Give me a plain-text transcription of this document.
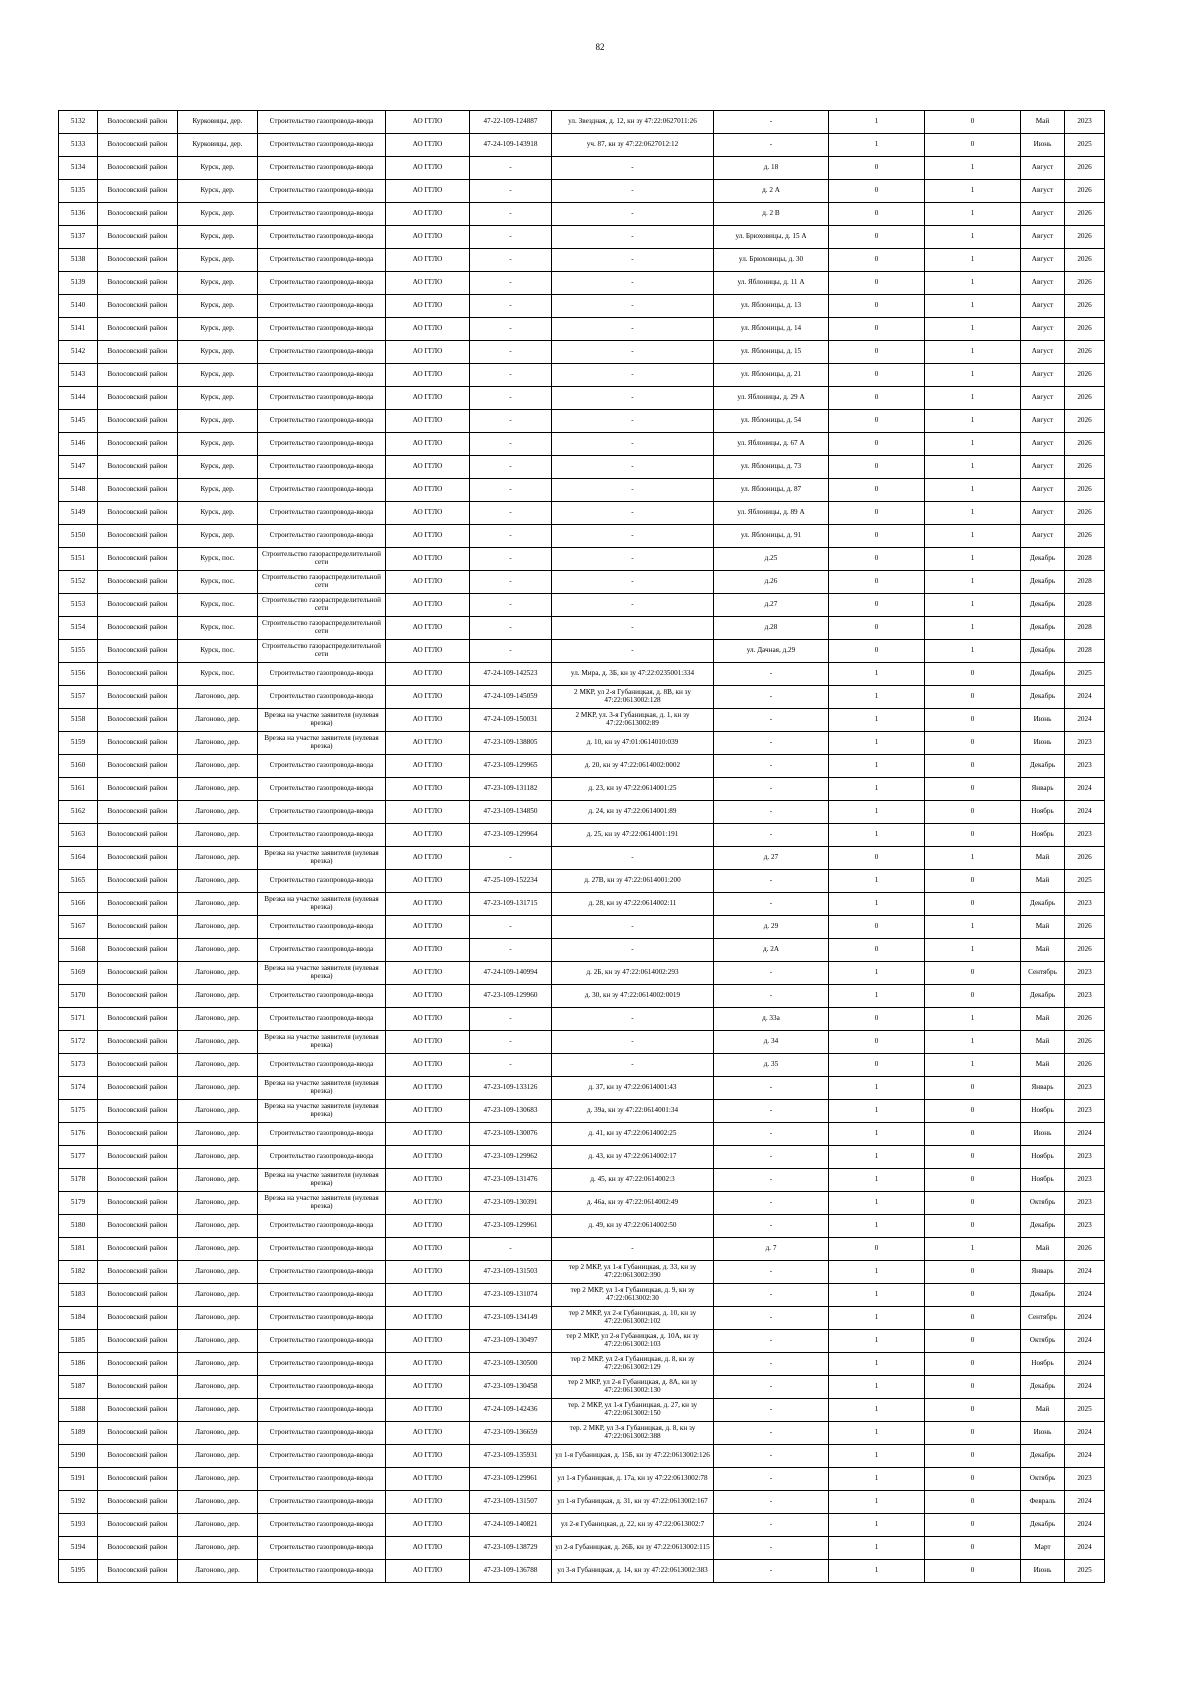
82
5132	Волосовский район	Курковицы, дер.	Строительство газопровода-ввода	АО ГГЛО	47-22-109-124887	ул. Звездная, д. 12, кн зу 47:22:0627011:26	-	1	0	Май	2023
5133	Волосовский район	Курковицы, дер.	Строительство газопровода-ввода	АО ГГЛО	47-24-109-143918	уч. 87, кн зу 47:22:0627012:12	-	1	0	Июнь	2025
5134	Волосовский район	Курск, дер.	Строительство газопровода-ввода	АО ГГЛО	-	-	д. 18	0	1	Август	2026
5135	Волосовский район	Курск, дер.	Строительство газопровода-ввода	АО ГГЛО	-	-	д. 2 А	0	1	Август	2026
5136	Волосовский район	Курск, дер.	Строительство газопровода-ввода	АО ГГЛО	-	-	д. 2 В	0	1	Август	2026
5137	Волосовский район	Курск, дер.	Строительство газопровода-ввода	АО ГГЛО	-	-	ул. Брюховицы, д. 15 А	0	1	Август	2026
5138	Волосовский район	Курск, дер.	Строительство газопровода-ввода	АО ГГЛО	-	-	ул. Брюховицы, д. 30	0	1	Август	2026
5139	Волосовский район	Курск, дер.	Строительство газопровода-ввода	АО ГГЛО	-	-	ул. Яблоницы, д. 11 А	0	1	Август	2026
5140	Волосовский район	Курск, дер.	Строительство газопровода-ввода	АО ГГЛО	-	-	ул. Яблоницы, д. 13	0	1	Август	2026
5141	Волосовский район	Курск, дер.	Строительство газопровода-ввода	АО ГГЛО	-	-	ул. Яблоницы, д. 14	0	1	Август	2026
5142	Волосовский район	Курск, дер.	Строительство газопровода-ввода	АО ГГЛО	-	-	ул. Яблоницы, д. 15	0	1	Август	2026
5143	Волосовский район	Курск, дер.	Строительство газопровода-ввода	АО ГГЛО	-	-	ул. Яблоницы, д. 21	0	1	Август	2026
5144	Волосовский район	Курск, дер.	Строительство газопровода-ввода	АО ГГЛО	-	-	ул. Яблоницы, д. 29 А	0	1	Август	2026
5145	Волосовский район	Курск, дер.	Строительство газопровода-ввода	АО ГГЛО	-	-	ул. Яблоницы, д. 54	0	1	Август	2026
5146	Волосовский район	Курск, дер.	Строительство газопровода-ввода	АО ГГЛО	-	-	ул. Яблоницы, д. 67 А	0	1	Август	2026
5147	Волосовский район	Курск, дер.	Строительство газопровода-ввода	АО ГГЛО	-	-	ул. Яблоницы, д. 73	0	1	Август	2026
5148	Волосовский район	Курск, дер.	Строительство газопровода-ввода	АО ГГЛО	-	-	ул. Яблоницы, д. 87	0	1	Август	2026
5149	Волосовский район	Курск, дер.	Строительство газопровода-ввода	АО ГГЛО	-	-	ул. Яблоницы, д. 89 А	0	1	Август	2026
5150	Волосовский район	Курск, дер.	Строительство газопровода-ввода	АО ГГЛО	-	-	ул. Яблоницы, д. 91	0	1	Август	2026
5151	Волосовский район	Курск, пос.	Строительство газораспределительной сети	АО ГГЛО	-	-	д.25	0	1	Декабрь	2028
5152	Волосовский район	Курск, пос.	Строительство газораспределительной сети	АО ГГЛО	-	-	д.26	0	1	Декабрь	2028
5153	Волосовский район	Курск, пос.	Строительство газораспределительной сети	АО ГГЛО	-	-	д.27	0	1	Декабрь	2028
5154	Волосовский район	Курск, пос.	Строительство газораспределительной сети	АО ГГЛО	-	-	д.28	0	1	Декабрь	2028
5155	Волосовский район	Курск, пос.	Строительство газораспределительной сети	АО ГГЛО	-	-	ул. Дачная, д.29	0	1	Декабрь	2028
5156	Волосовский район	Курск, пос.	Строительство газопровода-ввода	АО ГГЛО	47-24-109-142523	ул. Мира, д. 3Б, кн зу 47:22:0235001:334	-	1	0	Декабрь	2025
5157	Волосовский район	Лагоново, дер.	Строительство газопровода-ввода	АО ГГЛО	47-24-109-145059	2 МКР, ул 2-я Губаницкая, д. 8В, кн зу 47:22:0613002:128	-	1	0	Декабрь	2024
5158	Волосовский район	Лагоново, дер.	Врезка на участке заявителя (нулевая врезка)	АО ГГЛО	47-24-109-150031	2 МКР, ул. 3-я Губаницкая, д. 1, кн зу 47:22:0613002:89	-	1	0	Июнь	2024
5159	Волосовский район	Лагоново, дер.	Врезка на участке заявителя (нулевая врезка)	АО ГГЛО	47-23-109-138805	д. 10, кн зу 47:01:0614010:039	-	1	0	Июнь	2023
5160	Волосовский район	Лагоново, дер.	Строительство газопровода-ввода	АО ГГЛО	47-23-109-129965	д. 20, кн зу 47:22:0614002:0002	-	1	0	Декабрь	2023
5161	Волосовский район	Лагоново, дер.	Строительство газопровода-ввода	АО ГГЛО	47-23-109-131182	д. 23, кн зу 47:22:0614001:25	-	1	0	Январь	2024
5162	Волосовский район	Лагоново, дер.	Строительство газопровода-ввода	АО ГГЛО	47-23-109-134850	д. 24, кн зу 47:22:0614001:89	-	1	0	Ноябрь	2024
5163	Волосовский район	Лагоново, дер.	Строительство газопровода-ввода	АО ГГЛО	47-23-109-129964	д. 25, кн зу 47:22:0614001:191	-	1	0	Ноябрь	2023
5164	Волосовский район	Лагоново, дер.	Врезка на участке заявителя (нулевая врезка)	АО ГГЛО	-	-	д. 27	0	1	Май	2026
5165	Волосовский район	Лагоново, дер.	Строительство газопровода-ввода	АО ГГЛО	47-25-109-152234	д. 27В, кн зу 47:22:0614001:200	-	1	0	Май	2025
5166	Волосовский район	Лагоново, дер.	Врезка на участке заявителя (нулевая врезка)	АО ГГЛО	47-23-109-131715	д. 28, кн зу 47:22:0614002:11	-	1	0	Декабрь	2023
5167	Волосовский район	Лагоново, дер.	Строительство газопровода-ввода	АО ГГЛО	-	-	д. 29	0	1	Май	2026
5168	Волосовский район	Лагоново, дер.	Строительство газопровода-ввода	АО ГГЛО	-	-	д. 2А	0	1	Май	2026
5169	Волосовский район	Лагоново, дер.	Врезка на участке заявителя (нулевая врезка)	АО ГГЛО	47-24-109-140994	д. 2Б, кн зу 47:22:0614002:293	-	1	0	Сентябрь	2023
5170	Волосовский район	Лагоново, дер.	Строительство газопровода-ввода	АО ГГЛО	47-23-109-129960	д. 30, кн зу 47:22:0614002:0019	-	1	0	Декабрь	2023
5171	Волосовский район	Лагоново, дер.	Строительство газопровода-ввода	АО ГГЛО	-	-	д. 33а	0	1	Май	2026
5172	Волосовский район	Лагоново, дер.	Врезка на участке заявителя (нулевая врезка)	АО ГГЛО	-	-	д. 34	0	1	Май	2026
5173	Волосовский район	Лагоново, дер.	Строительство газопровода-ввода	АО ГГЛО	-	-	д. 35	0	1	Май	2026
5174	Волосовский район	Лагоново, дер.	Врезка на участке заявителя (нулевая врезка)	АО ГГЛО	47-23-109-133126	д. 37, кн зу 47:22:0614001:43	-	1	0	Январь	2023
5175	Волосовский район	Лагоново, дер.	Врезка на участке заявителя (нулевая врезка)	АО ГГЛО	47-23-109-130683	д. 39а, кн зу 47:22:0614001:34	-	1	0	Ноябрь	2023
5176	Волосовский район	Лагоново, дер.	Строительство газопровода-ввода	АО ГГЛО	47-23-109-130076	д. 41, кн зу 47:22:0614002:25	-	1	0	Июнь	2024
5177	Волосовский район	Лагоново, дер.	Строительство газопровода-ввода	АО ГГЛО	47-23-109-129962	д. 43, кн зу 47:22:0614002:17	-	1	0	Ноябрь	2023
5178	Волосовский район	Лагоново, дер.	Врезка на участке заявителя (нулевая врезка)	АО ГГЛО	47-23-109-131476	д. 45, кн зу 47:22:0614002:3	-	1	0	Ноябрь	2023
5179	Волосовский район	Лагоново, дер.	Врезка на участке заявителя (нулевая врезка)	АО ГГЛО	47-23-109-130391	д. 46а, кн зу 47:22:0614002:49	-	1	0	Октябрь	2023
5180	Волосовский район	Лагоново, дер.	Строительство газопровода-ввода	АО ГГЛО	47-23-109-129961	д. 49, кн зу 47:22:0614002:50	-	1	0	Декабрь	2023
5181	Волосовский район	Лагоново, дер.	Строительство газопровода-ввода	АО ГГЛО	-	-	д. 7	0	1	Май	2026
5182	Волосовский район	Лагоново, дер.	Строительство газопровода-ввода	АО ГГЛО	47-23-109-131503	тер 2 МКР, ул 1-я Губаницкая, д. 33, кн зу 47:22:0613002:390	-	1	0	Январь	2024
5183	Волосовский район	Лагоново, дер.	Строительство газопровода-ввода	АО ГГЛО	47-23-109-131074	тер 2 МКР, ул 1-я Губаницкая, д. 9, кн зу 47:22:0613002:30	-	1	0	Декабрь	2024
5184	Волосовский район	Лагоново, дер.	Строительство газопровода-ввода	АО ГГЛО	47-23-109-134149	тер 2 МКР, ул 2-я Губаницкая, д. 10, кн зу 47:22:0613002:102	-	1	0	Сентябрь	2024
5185	Волосовский район	Лагоново, дер.	Строительство газопровода-ввода	АО ГГЛО	47-23-109-130497	тер 2 МКР, ул 2-я Губаницкая, д. 10А, кн зу 47:22:0613002:103	-	1	0	Октябрь	2024
5186	Волосовский район	Лагоново, дер.	Строительство газопровода-ввода	АО ГГЛО	47-23-109-130500	тер 2 МКР, ул 2-я Губаницкая, д. 8, кн зу 47:22:0613002:129	-	1	0	Ноябрь	2024
5187	Волосовский район	Лагоново, дер.	Строительство газопровода-ввода	АО ГГЛО	47-23-109-130458	тер 2 МКР, ул 2-я Губаницкая, д. 8А, кн зу 47:22:0613002:130	-	1	0	Декабрь	2024
5188	Волосовский район	Лагоново, дер.	Строительство газопровода-ввода	АО ГГЛО	47-24-109-142436	тер. 2 МКР, ул 1-я Губаницкая, д. 27, кн зу 47:22:0613002:150	-	1	0	Май	2025
5189	Волосовский район	Лагоново, дер.	Строительство газопровода-ввода	АО ГГЛО	47-23-109-136659	тер. 2 МКР, ул 3-я Губаницкая, д. 8, кн зу 47:22:0613002:388	-	1	0	Июнь	2024
5190	Волосовский район	Лагоново, дер.	Строительство газопровода-ввода	АО ГГЛО	47-23-109-135931	ул 1-я Губаницкая, д. 15Б, кн зу 47:22:0613002:126	-	1	0	Декабрь	2024
5191	Волосовский район	Лагоново, дер.	Строительство газопровода-ввода	АО ГГЛО	47-23-109-129961	ул 1-я Губаницкая, д. 17а, кн зу 47:22:0613002:78	-	1	0	Октябрь	2023
5192	Волосовский район	Лагоново, дер.	Строительство газопровода-ввода	АО ГГЛО	47-23-109-131507	ул 1-я Губаницкая, д. 31, кн зу 47:22:0613002:167	-	1	0	Февраль	2024
5193	Волосовский район	Лагоново, дер.	Строительство газопровода-ввода	АО ГГЛО	47-24-109-140821	ул 2-я Губаницкая, д. 22, кн зу 47:22:0613002:7	-	1	0	Декабрь	2024
5194	Волосовский район	Лагоново, дер.	Строительство газопровода-ввода	АО ГГЛО	47-23-109-138729	ул 2-я Губаницкая, д. 26Б, кн зу 47:22:0613002:115	-	1	0	Март	2024
5195	Волосовский район	Лагоново, дер.	Строительство газопровода-ввода	АО ГГЛО	47-23-109-136788	ул 3-я Губаницкая, д. 14, кн зу 47:22:0613002:383	-	1	0	Июнь	2025
